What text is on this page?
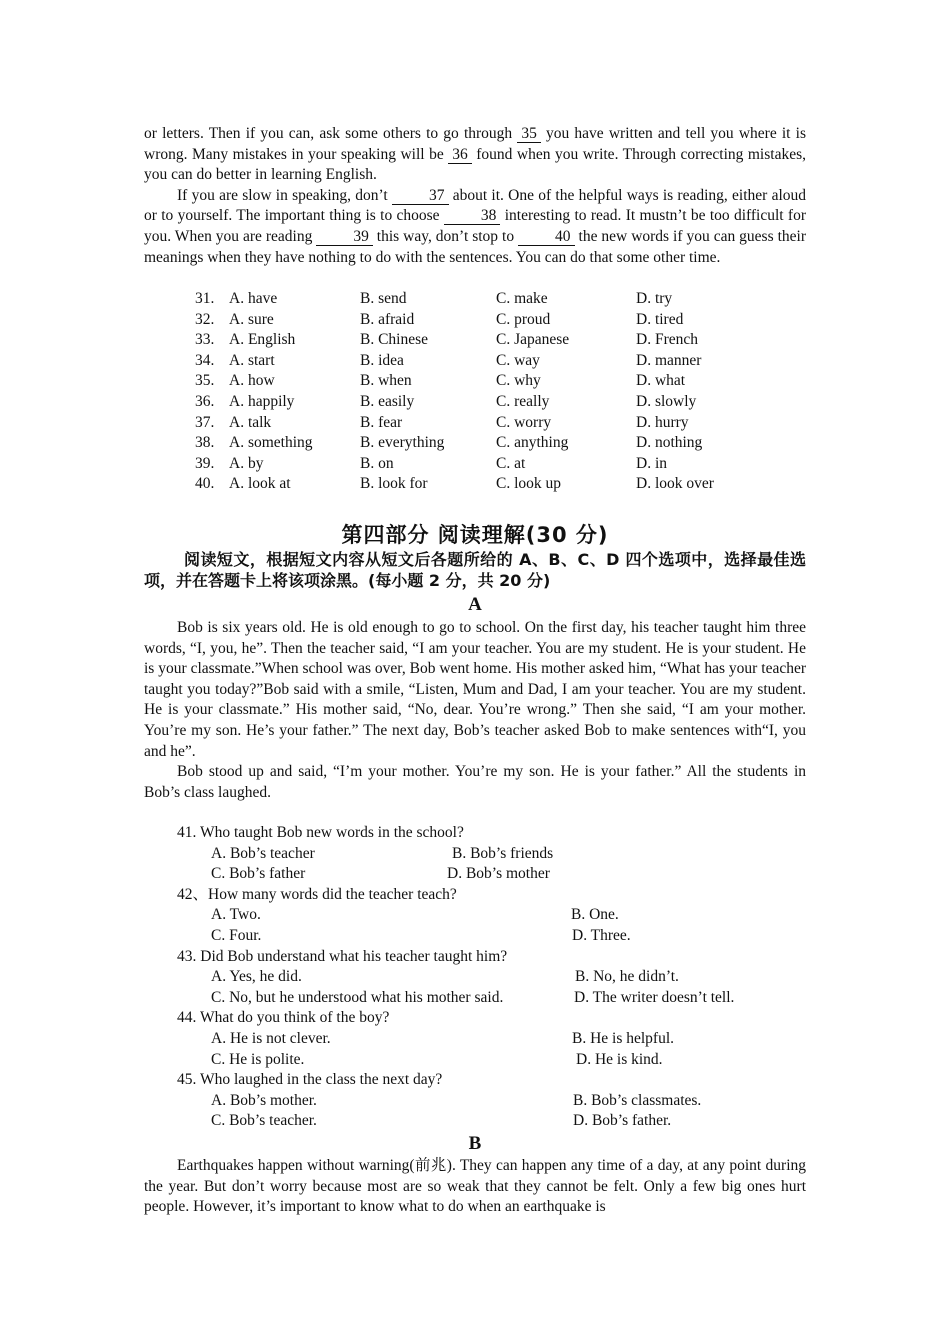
or letters. Then if you can, ask some others to go through 35 you have written and tell you where it is wrong. Many mistakes in your speaking will be 36 found when you write. Through correcting mistakes, you can do better in learning English.

If you are slow in speaking, don’t 37 about it. One of the helpful ways is reading, either aloud or to yourself. The important thing is to choose 38 interesting to read. It mustn’t be too difficult for you. When you are reading 39 this way, don’t stop to 40 the new words if you can guess their meanings when they have nothing to do with the sentences. You can do that some other time.

31. A. have	B. send	C. make	D. try
32. A. sure	B. afraid	C. proud	D. tired
33. A. English	B. Chinese	C. Japanese	D. French
34. A. start	B. idea	C. way	D. manner
35. A. how	B. when	C. why	D. what
36. A. happily	B. easily	C. really	D. slowly
37. A. talk	B. fear	C. worry	D. hurry
38. A. something	B. everything	C. anything	D. nothing
39. A. by	B. on	C. at	D. in
40. A. look at	B. look for	C. look up	D. look over
第四部分 阅读理解(30 分)
阅读短文，根据短文内容从短文后各题所给的 A、B、C、D 四个选项中，选择最佳选项，并在答题卡上将该项涂黑。(每小题 2 分，共 20 分)
A

Bob is six years old. He is old enough to go to school. On the first day, his teacher taught him three words, “I, you, he”. Then the teacher said, “I am your teacher. You are my student. He is your student. He is your classmate.”When school was over, Bob went home. His mother asked him, “What has your teacher taught you today?”Bob said with a smile, “Listen, Mum and Dad, I am your teacher. You are my student. He is your classmate.” His mother said, “No, dear. You’re wrong.” Then she said, “I am your mother. You’re my son. He’s your father.” The next day, Bob’s teacher asked Bob to make sentences with“I, you and he”.

Bob stood up and said, “I’m your mother. You’re my son. He is your father.” All the students in Bob’s class laughed.

41. Who taught Bob new words in the school?
A. Bob’s teacher	B. Bob’s friends
C. Bob’s father	D. Bob’s mother
42、How many words did the teacher teach?
A. Two.	B. One.
C. Four.	D. Three.
43. Did Bob understand what his teacher taught him?
A. Yes, he did.	B. No, he didn’t.
C. No, but he understood what his mother said.	D. The writer doesn’t tell.
44. What do you think of the boy?
A. He is not clever.	B. He is helpful.
C. He is polite.	D. He is kind.
45. Who laughed in the class the next day?
A. Bob’s mother.	B. Bob’s classmates.
C. Bob’s teacher.	D. Bob’s father.
B

Earthquakes happen without warning(前兆). They can happen any time of a day, at any point during the year. But don’t worry because most are so weak that they cannot be felt. Only a few big ones hurt people. However, it’s important to know what to do when an earthquake is
